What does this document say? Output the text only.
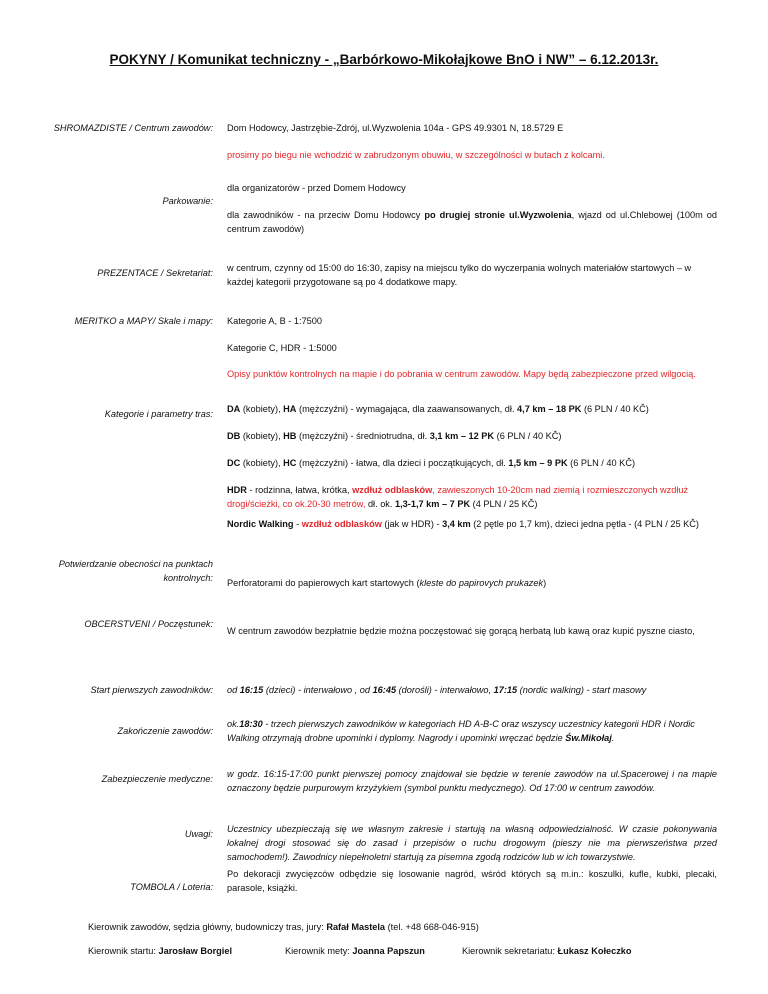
POKYNY / Komunikat techniczny - „Barbórkowo-Mikołajkowe BnO i NW” – 6.12.2013r.
SHROMAZDISTE / Centrum zawodów: Dom Hodowcy, Jastrzębie-Zdrój, ul.Wyzwolenia 104a - GPS 49.9301 N, 18.5729 E
prosimy po biegu nie wchodzić w zabrudzonym obuwiu, w szczególności w butach z kolcami.
Parkowanie:
dla organizatorów - przed Domem Hodowcy
dla zawodników - na przeciw Domu Hodowcy po drugiej stronie ul.Wyzwolenia, wjazd od ul.Chlebowej (100m od centrum zawodów)
PREZENTACE / Sekretariat: w centrum, czynny od 15:00 do 16:30, zapisy na miejscu tylko do wyczerpania wolnych materiałów startowych – w każdej kategorii przygotowane są po 4 dodatkowe mapy.
MERITKO a MAPY/ Skale i mapy: Kategorie A, B - 1:7500
Kategorie C, HDR - 1:5000
Opisy punktów kontrolnych na mapie i do pobrania w centrum zawodów. Mapy będą zabezpieczone przed wilgocią.
Kategorie i parametry tras: DA (kobiety), HA (mężczyźni) - wymagająca, dla zaawansowanych, dł. 4,7 km – 18 PK (6 PLN / 40 KČ)
DB (kobiety), HB (mężczyźni) - średniotrudna, dł. 3,1 km – 12 PK (6 PLN / 40 KČ)
DC (kobiety), HC (mężczyźni) - łatwa, dla dzieci i początkujących, dł. 1,5 km – 9 PK (6 PLN / 40 KČ)
HDR - rodzinna, łatwa, krótka, wzdłuż odblasków, zawieszonych 10-20cm nad ziemią i rozmieszczonych wzdłuż drogi/ścieżki, co ok.20-30 metrów, dł. ok. 1,3-1,7 km – 7 PK (4 PLN / 25 KČ)
Nordic Walking - wzdłuż odblasków (jak w HDR) - 3,4 km (2 pętle po 1,7 km), dzieci jedna pętla - (4 PLN / 25 KČ)
Potwierdzanie obecności na punktach
kontrolnych: Perforatorami do papierowych kart startowych (kleste do papirovych prukazek)
OBCERSTVENI / Poczęstunek:
W centrum zawodów bezpłatnie będzie można poczęstować się gorącą herbatą lub kawą oraz kupić pyszne ciasto,
Start pierwszych zawodników: od 16:15 (dzieci) - interwałowo , od 16:45 (dorośli) - interwałowo, 17:15 (nordic walking) - start masowy
Zakończenie zawodów:
ok.18:30 - trzech pierwszych zawodników w kategoriach HD A-B-C oraz wszyscy uczestnicy kategorii HDR i Nordic Walking otrzymają drobne upominki i dyplomy. Nagrody i upominki wręczać będzie Św.Mikołaj.
Zabezpieczenie medyczne: w godz. 16:15-17:00 punkt pierwszej pomocy znajdował sie będzie w terenie zawodów na ul.Spacerowej i na mapie oznaczony będzie purpurowym krzyżykiem (symbol punktu medycznego). Od 17:00 w centrum zawodów.
Uwagi: Uczestnicy ubezpieczają się we własnym zakresie i startują na własną odpowiedzialność. W czasie pokonywania lokalnej drogi stosować się do zasad i przepisów o ruchu drogowym (pieszy nie ma pierwszeństwa przed samochodem!). Zawodnicy niepełnoletni startują za pisemna zgodą rodziców lub w ich towarzystwie.
TOMBOLA / Loteria:
Po dekoracji zwycięzców odbędzie się losowanie nagród, wśród których są m.in.: koszulki, kufle, kubki, plecaki, parasole, książki.
Kierownik zawodów, sędzia główny, budowniczy tras, jury: Rafał Mastela (tel. +48 668-046-915)
Kierownik startu: Jarosław Borgiel	Kierownik mety: Joanna Papszun	Kierownik sekretariatu: Łukasz Kołeczko
